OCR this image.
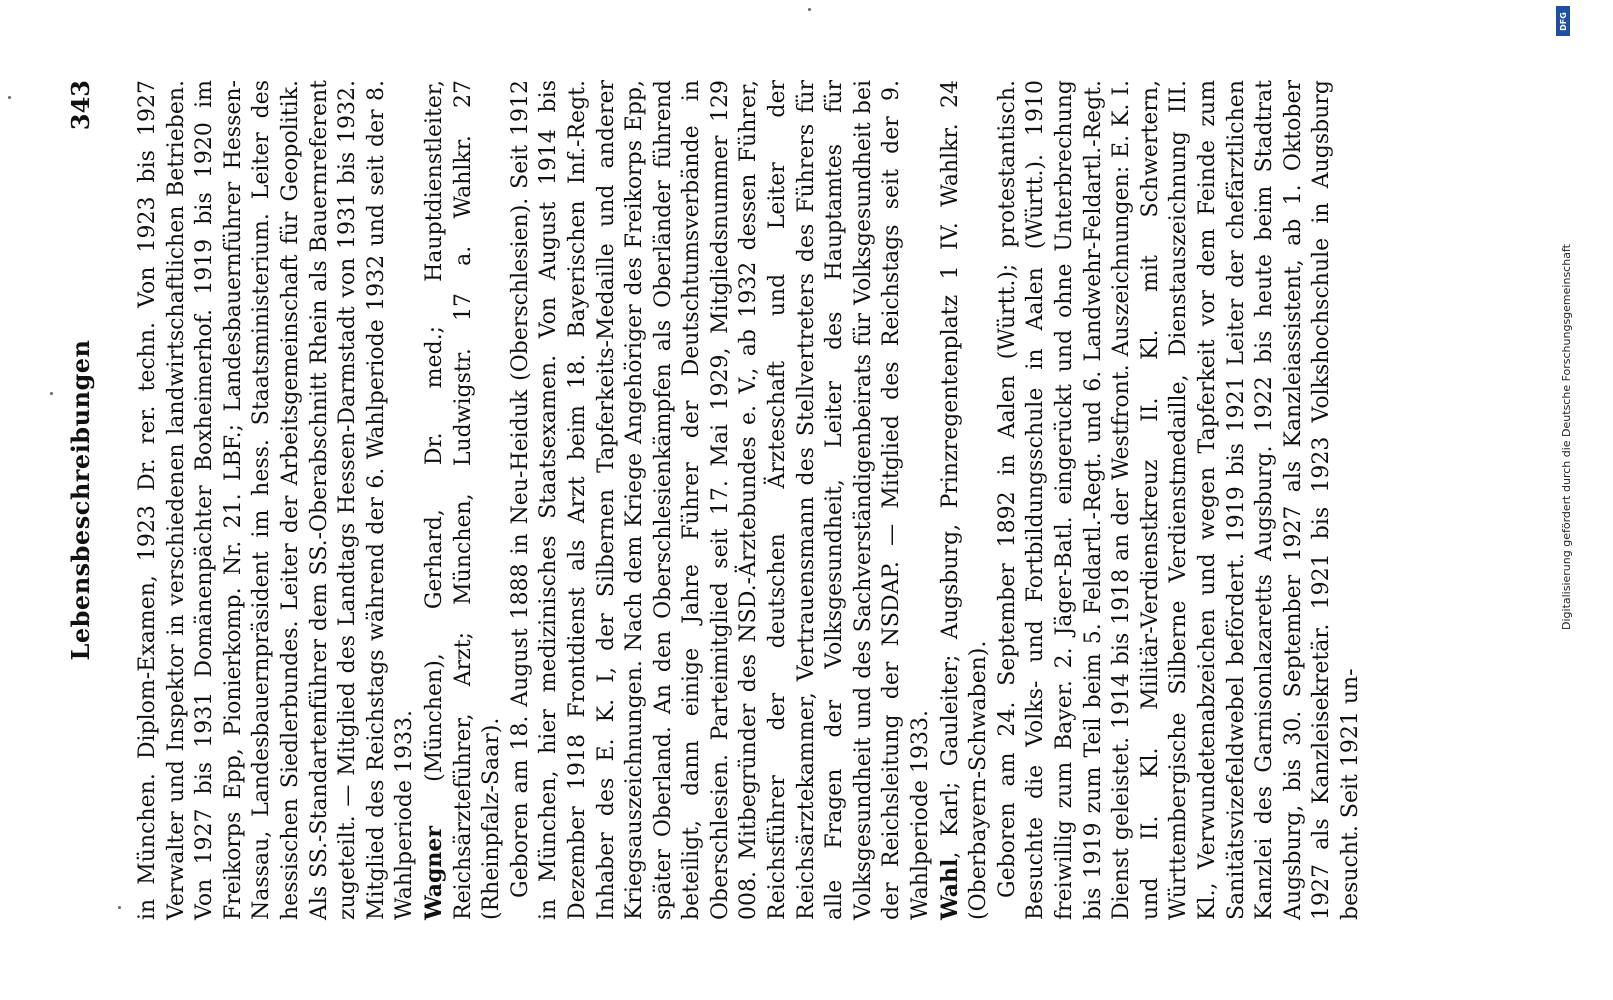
Lebensbeschreibungen
343 in München. Diplom-Examen, 1923 Dr. rer. techn. Von 1923 bis 1927 Verwalter und Inspektor in verschiedenen landwirtschaftlichen Betrieben. Von 1927 bis 1931 Domänenpächter Boxheimerhof. 1919 bis 1920 im Freikorps Epp, Pionierkomp. Nr. 21. LBF.; Landesbauernführer Hessen-Nassau, Landesbauernpräsident im hess. Staatsministerium. Leiter des hessischen Siedlerbundes. Leiter der Arbeitsgemeinschaft für Geopolitik. Als SS.-Standartenführer dem SS.-Oberabschnitt Rhein als Bauernreferent zugeteilt. — Mitglied des Landtags Hessen-Darmstadt von 1931 bis 1932. Mitglied des Reichstags während der 6. Wahlperiode 1932 und seit der 8. Wahlperiode 1933. Wagner (München), Gerhard, Dr. med.; Hauptdienstleiter, Reichsärzteführer, Arzt; München, Ludwigstr. 17 a. Wahlkr. 27 (Rheinpfalz-Saar). Geboren am 18. August 1888 in Neu-Heiduk (Oberschlesien). Seit 1912 in München, hier medizinisches Staatsexamen. Von August 1914 bis Dezember 1918 Frontdienst als Arzt beim 18. Bayerischen Inf.-Regt. Inhaber des E. K. I, der Silbernen Tapferkeits-Medaille und anderer Kriegsauszeichnungen. Nach dem Kriege Angehöriger des Freikorps Epp, später Oberland. An den Oberschlesienkämpfen als Oberländer führend beteiligt, dann einige Jahre Führer der Deutschtumsverbände in Oberschlesien. Parteimitglied seit 17. Mai 1929, Mitgliedsnummer 129 008. Mitbegründer des NSD.-Ärztebundes e. V., ab 1932 dessen Führer, Reichsführer der deutschen Ärzteschaft und Leiter der Reichsärztekammer, Vertrauensmann des Stellvertreters des Führers für alle Fragen der Volksgesundheit, Leiter des Hauptamtes für Volksgesundheit und des Sachverständigenbeirats für Volksgesundheit bei der Reichsleitung der NSDAP. — Mitglied des Reichstags seit der 9. Wahlperiode 1933. Wahl, Karl; Gauleiter; Augsburg, Prinzregentenplatz 1 IV. Wahlkr. 24 (Oberbayern-Schwaben). Geboren am 24. September 1892 in Aalen (Württ.); protestantisch. Besuchte die Volks- und Fortbildungsschule in Aalen (Württ.). 1910 freiwillig zum Bayer. 2. Jäger-Batl. eingerückt und ohne Unterbrechung bis 1919 zum Teil beim 5. Feldartl.-Regt. und 6. Landwehr-Feldartl.-Regt. Dienst geleistet. 1914 bis 1918 an der Westfront. Auszeichnungen: E. K. I. und II. Kl. Militär-Verdienstkreuz II. Kl. mit Schwertern, Württembergische Silberne Verdienstmedaille, Dienstauszeichnung III. Kl., Verwundetenabzeichen und wegen Tapferkeit vor dem Feinde zum Sanitätsvizefeldwebel befördert. 1919 bis 1921 Leiter der chefärztlichen Kanzlei des Garnisonlazaretts Augsburg. 1922 bis heute beim Stadtrat Augsburg, bis 30. September 1927 als Kanzleiassistent, ab 1. Oktober 1927 als Kanzleisekretär. 1921 bis 1923 Volkshochschule in Augsburg besucht. Seit 1921 un-

DFG
Digitalisierung gefördert durch die Deutsche Forschungsgemeinschaft
